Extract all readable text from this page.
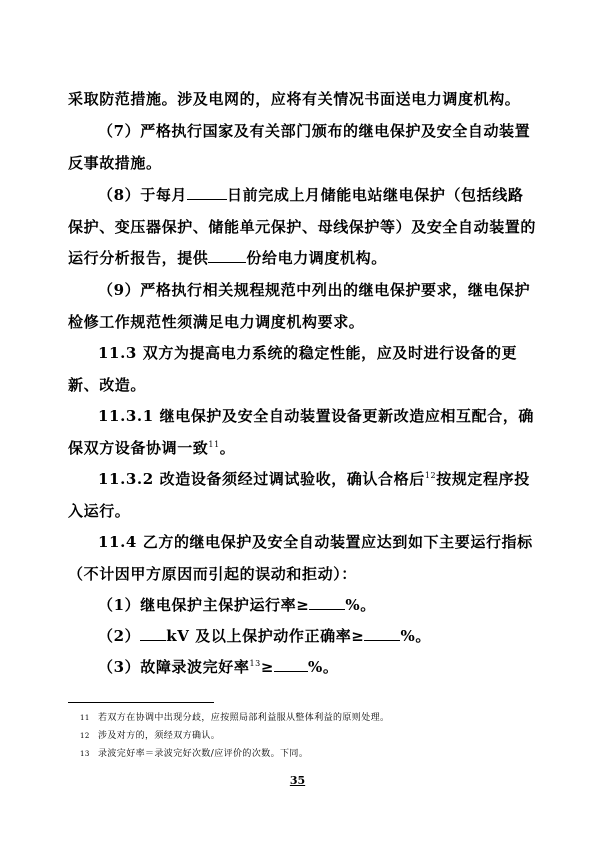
采取防范措施。涉及电网的，应将有关情况书面送电力调度机构。
（7）严格执行国家及有关部门颁布的继电保护及安全自动装置反事故措施。
（8）于每月	日前完成上月储能电站继电保护（包括线路保护、变压器保护、储能单元保护、母线保护等）及安全自动装置的运行分析报告，提供	份给电力调度机构。
（9）严格执行相关规程规范中列出的继电保护要求，继电保护检修工作规范性须满足电力调度机构要求。
11.3 双方为提高电力系统的稳定性能，应及时进行设备的更新、改造。
11.3.1 继电保护及安全自动装置设备更新改造应相互配合，确保双方设备协调一致$^{11}$。
11.3.2 改造设备须经过调试验收，确认合格后$^{12}$按规定程序投入运行。
11.4 乙方的继电保护及安全自动装置应达到如下主要运行指标（不计因甲方原因而引起的误动和拒动）：
（1）继电保护主保护运行率≥ %。
（2） kV 及以上保护动作正确率≥ %。
（3）故障录波完好率$^{13}$≥ %。
11 若双方在协调中出现分歧，应按照局部利益服从整体利益的原则处理。
12 涉及对方的，须经双方确认。
13 录波完好率＝录波完好次数/应评价的次数。下同。
35
